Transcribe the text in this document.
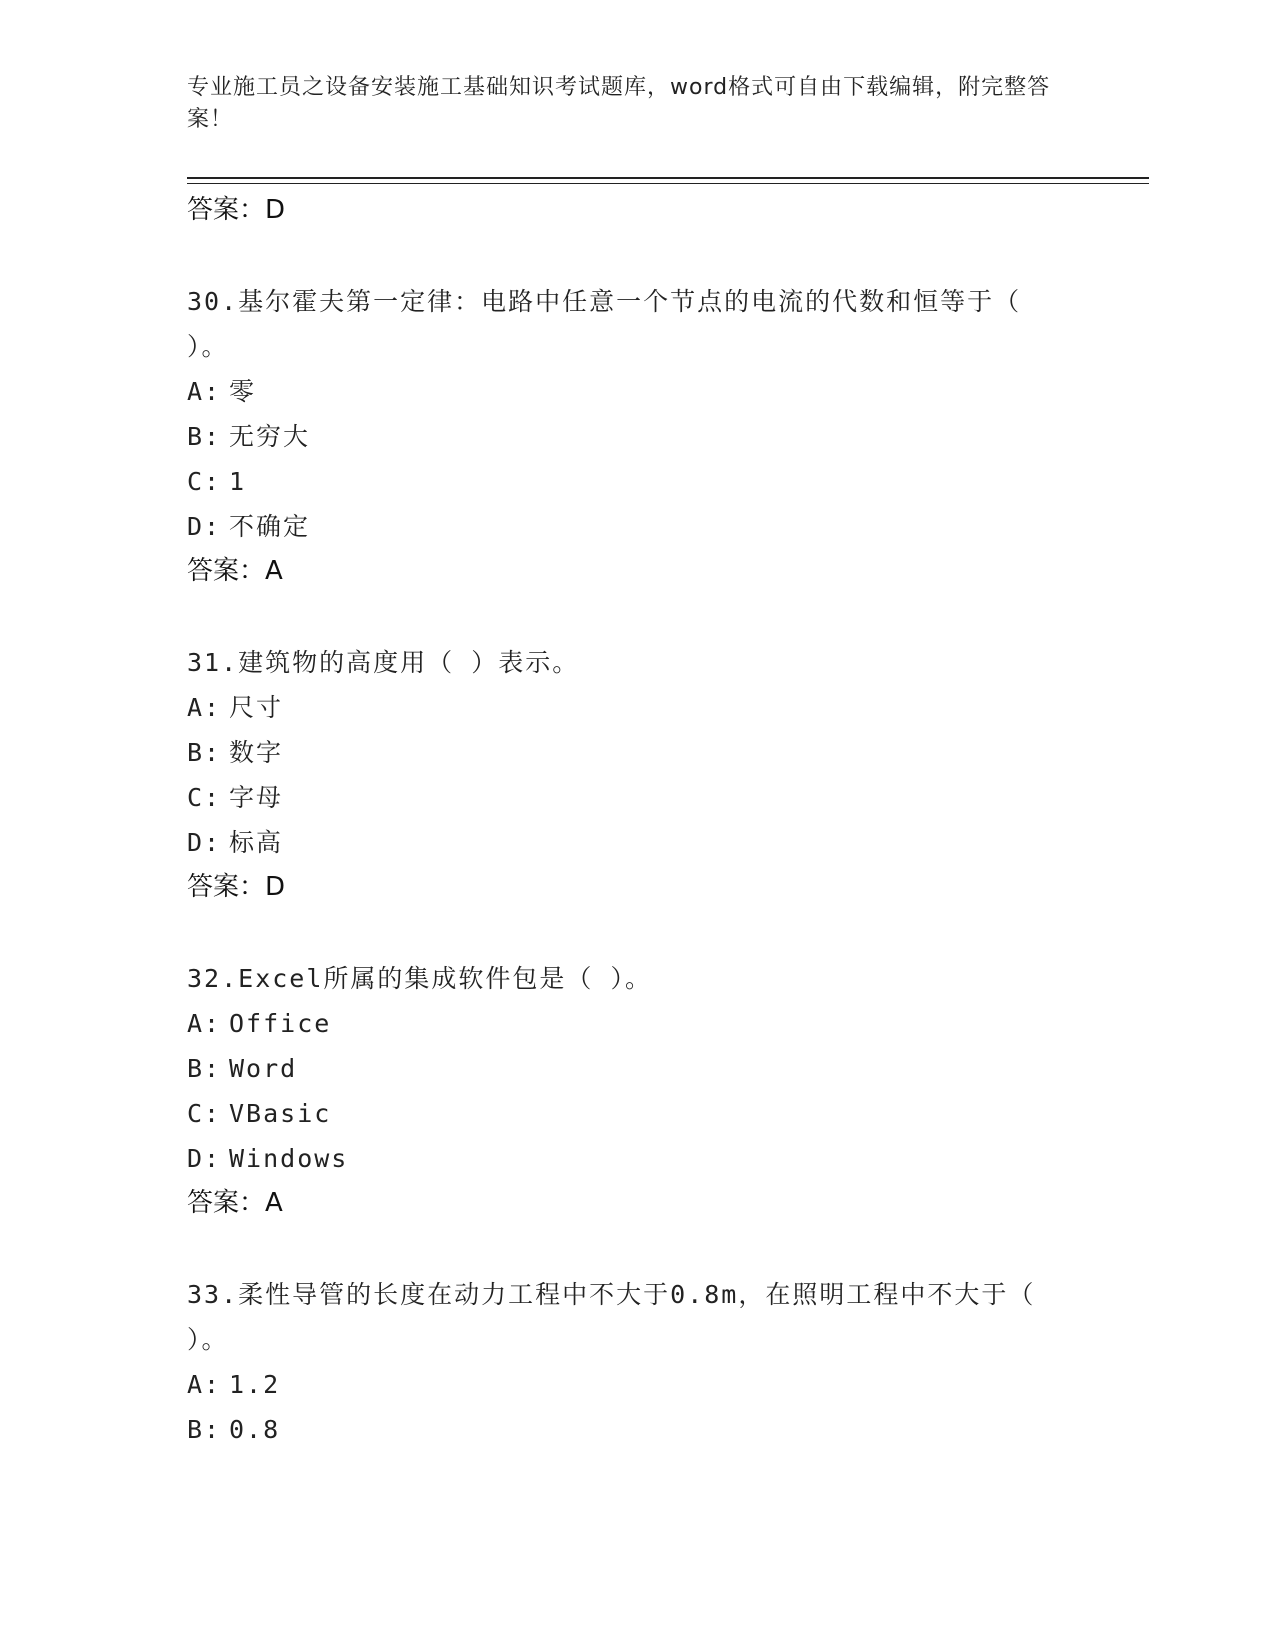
专业施工员之设备安装施工基础知识考试题库，word格式可自由下载编辑，附完整答案！
答案：D
30.基尔霍夫第一定律：电路中任意一个节点的电流的代数和恒等于（ ）。
A: 零
B: 无穷大
C: 1
D: 不确定
答案：A
31.建筑物的高度用（ ）表示。
A: 尺寸
B: 数字
C: 字母
D: 标高
答案：D
32.Excel所属的集成软件包是（ ）。
A: Office
B: Word
C: VBasic
D: Windows
答案：A
33.柔性导管的长度在动力工程中不大于0.8m，在照明工程中不大于（ ）。
A: 1.2
B: 0.8
